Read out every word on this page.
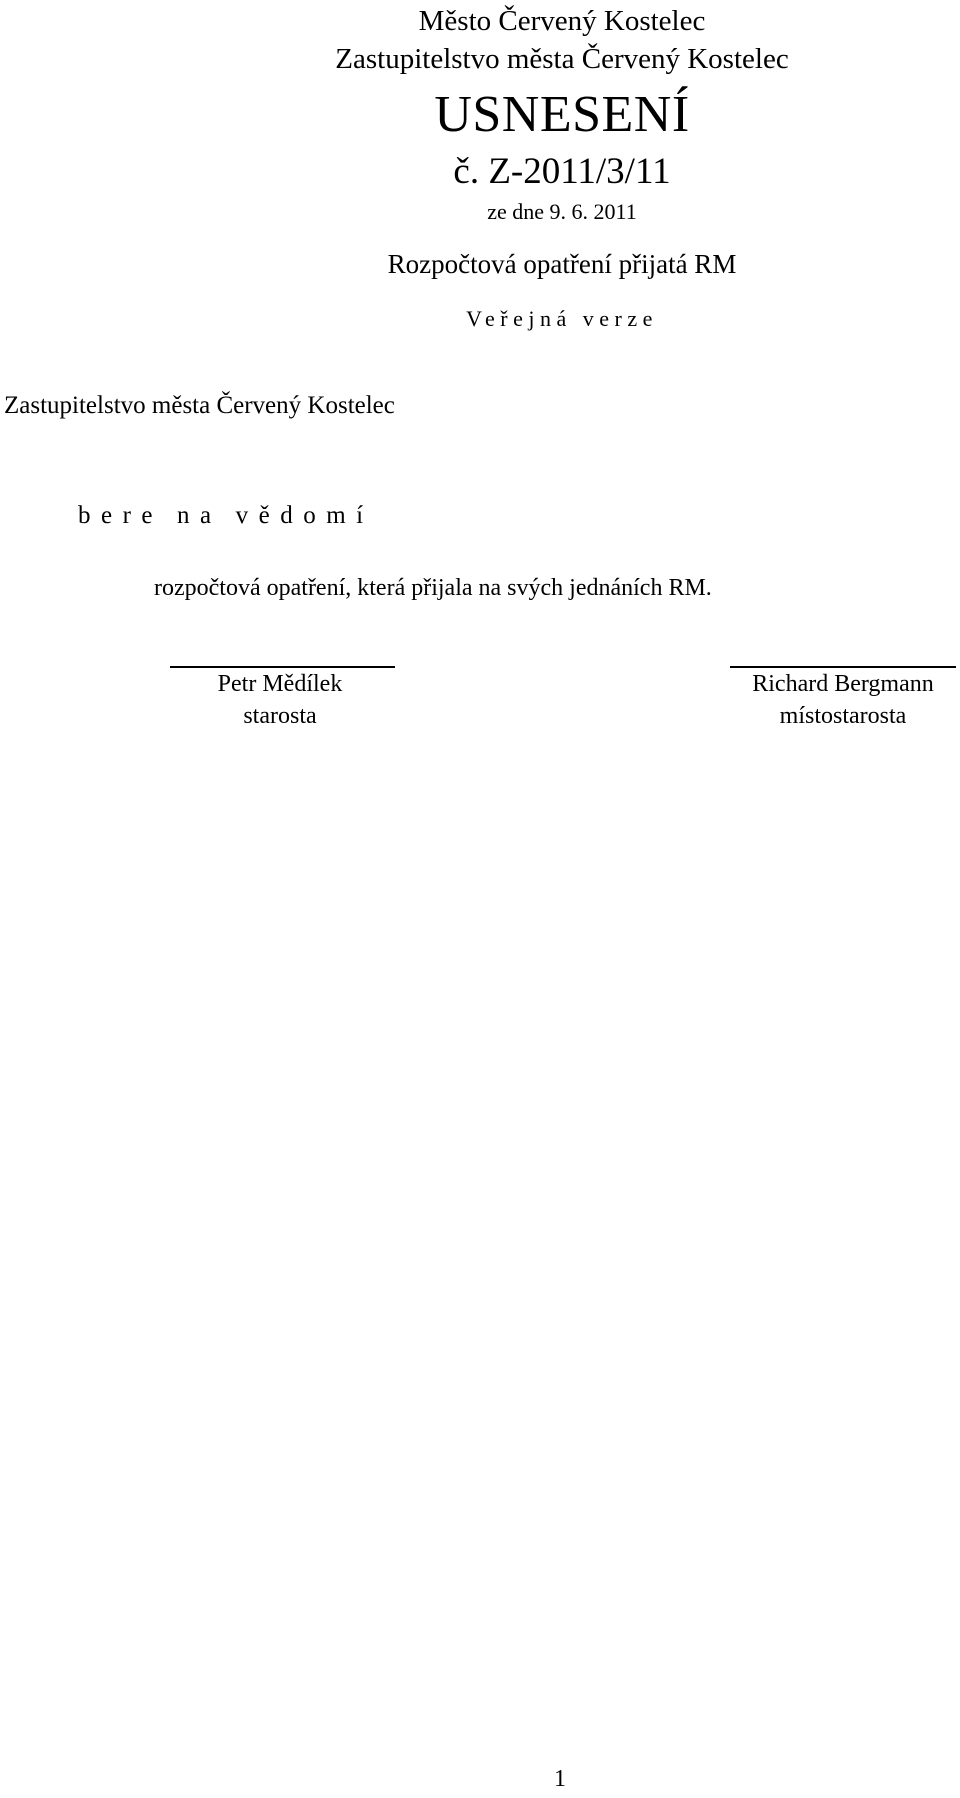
Město Červený Kostelec
Zastupitelstvo města Červený Kostelec
USNESENÍ
č. Z-2011/3/11
ze dne 9. 6. 2011
Rozpočtová opatření přijatá RM
Veřejná verze
Zastupitelstvo města Červený Kostelec
bere na vědomí
rozpočtová opatření, která přijala na svých jednáních RM.
Petr Mědílek
starosta
Richard Bergmann
místostarosta
1
